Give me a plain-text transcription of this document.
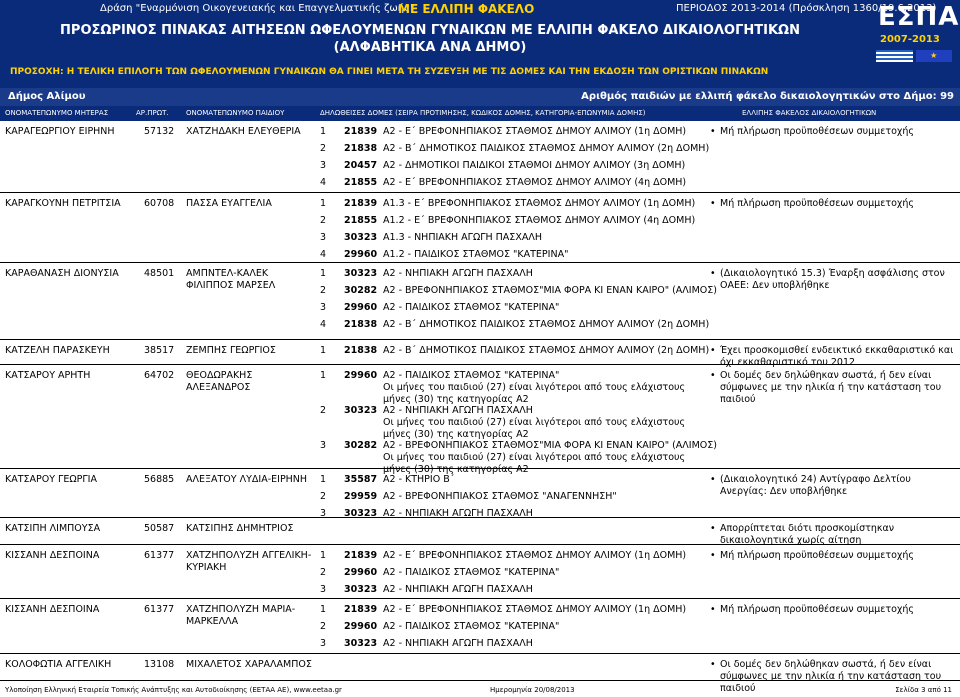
Δράση "Εναρμόνιση Οικογενειακής και Επαγγελματικής ζωής"
ΜΕ ΕΛΛΙΠΗ ΦΑΚΕΛΟ	ΠΕΡΙΟΔΟΣ 2013-2014 (Πρόσκληση 1360/19.6.2013)
ΠΡΟΣΩΡΙΝΟΣ ΠΙΝΑΚΑΣ ΑΙΤΗΣΕΩΝ ΩΦΕΛΟΥΜΕΝΩΝ ΓΥΝΑΙΚΩΝ ΜΕ ΕΛΛΙΠΗ ΦΑΚΕΛΟ ΔΙΚΑΙΟΛΟΓΗΤΙΚΩΝ
(ΑΛΦΑΒΗΤΙΚΑ ΑΝΑ ΔΗΜΟ)
ΠΡΟΣΟΧΗ: Η ΤΕΛΙΚΗ ΕΠΙΛΟΓΗ ΤΩΝ ΩΦΕΛΟΥΜΕΝΩΝ ΓΥΝΑΙΚΩΝ ΘΑ ΓΙΝΕΙ ΜΕΤΑ ΤΗ ΣΥΖΕΥΞΗ ΜΕ ΤΙΣ ΔΟΜΕΣ ΚΑΙ ΤΗΝ ΕΚΔΟΣΗ ΤΩΝ ΟΡΙΣΤΙΚΩΝ ΠΙΝΑΚΩΝ
ΕΣΠΑ
2007-2013
★
Δήμος Αλίμου	Αριθμός παιδιών με ελλιπή φάκελο δικαιολογητικών στο Δήμο: 99
ΟΝΟΜΑΤΕΠΩΝΥΜΟ ΜΗΤΕΡΑΣ	ΑΡ.ΠΡΩΤ. ΟΝΟΜΑΤΕΠΩΝΥΜΟ ΠΑΙΔΙΟΥ	ΔΗΛΩΘΕΙΣΕΣ ΔΟΜΕΣ (ΣΕΙΡΑ ΠΡΟΤΙΜΗΣΗΣ, ΚΩΔΙΚΟΣ ΔΟΜΗΣ, ΚΑΤΗΓΟΡΙΑ-ΕΠΩΝΥΜΙΑ ΔΟΜΗΣ)	ΕΛΛΙΠΗΣ ΦΑΚΕΛΟΣ ΔΙΚΑΙΟΛΟΓΗΤΙΚΩΝ
ΚΑΡΑΓΕΩΡΓΙΟΥ ΕΙΡΗΝΗ	57132 ΧΑΤΖΗΔΑΚΗ ΕΛΕΥΘΕΡΙΑ	1 21839 Α2 - Ε΄ ΒΡΕΦΟΝΗΠΙΑΚΟΣ ΣΤΑΘΜΟΣ ΔΗΜΟΥ ΑΛΙΜΟΥ (1η ΔΟΜΗ)
2 21838 Α2 - Β΄ ΔΗΜΟΤΙΚΟΣ ΠΑΙΔΙΚΟΣ ΣΤΑΘΜΟΣ ΔΗΜΟΥ ΑΛΙΜΟΥ (2η ΔΟΜΗ)
3 20457 Α2 - ΔΗΜΟΤΙΚΟΙ ΠΑΙΔΙΚΟΙ ΣΤΑΘΜΟΙ ΔΗΜΟΥ ΑΛΙΜΟΥ (3η ΔΟΜΗ)
4 21855 Α2 - Ε΄ ΒΡΕΦΟΝΗΠΙΑΚΟΣ ΣΤΑΘΜΟΣ ΔΗΜΟΥ ΑΛΙΜΟΥ (4η ΔΟΜΗ)
• Μή πλήρωση προϋποθέσεων συμμετοχής
ΚΑΡΑΓΚΟΥΝΗ ΠΕΤΡΙΤΣΙΑ 60708 ΠΑΣΣΑ ΕΥΑΓΓΕΛΙΑ	1 21839 Α1.3 - Ε΄ ΒΡΕΦΟΝΗΠΙΑΚΟΣ ΣΤΑΘΜΟΣ ΔΗΜΟΥ ΑΛΙΜΟΥ (1η ΔΟΜΗ)
2 21855 Α1.2 - Ε΄ ΒΡΕΦΟΝΗΠΙΑΚΟΣ ΣΤΑΘΜΟΣ ΔΗΜΟΥ ΑΛΙΜΟΥ (4η ΔΟΜΗ)
3 30323 Α1.3 - ΝΗΠΙΑΚΗ ΑΓΩΓΗ ΠΑΣΧΑΛΗ
4 29960 Α1.2 - ΠΑΙΔΙΚΟΣ ΣΤΑΘΜΟΣ "ΚΑΤΕΡΙΝΑ"
• Μή πλήρωση προϋποθέσεων συμμετοχής
ΚΑΡΑΘΑΝΑΣΗ ΔΙΟΝΥΣΙΑ	48501 ΑΜΠΝΤΕΛ-ΚΑΛΕΚ ΦΙΛΙΠΠΟΣ ΜΑΡΣΕΛ
1 30323 Α2 - ΝΗΠΙΑΚΗ ΑΓΩΓΗ ΠΑΣΧΑΛΗ
2 30282 Α2 - ΒΡΕΦΟΝΗΠΙΑΚΟΣ ΣΤΑΘΜΟΣ"ΜΙΑ ΦΟΡΑ ΚΙ ΕΝΑΝ ΚΑΙΡΟ" (ΑΛΙΜΟΣ)
3 29960 Α2 - ΠΑΙΔΙΚΟΣ ΣΤΑΘΜΟΣ "ΚΑΤΕΡΙΝΑ"
4 21838 Α2 - Β΄ ΔΗΜΟΤΙΚΟΣ ΠΑΙΔΙΚΟΣ ΣΤΑΘΜΟΣ ΔΗΜΟΥ ΑΛΙΜΟΥ (2η ΔΟΜΗ)
• (Δικαιολογητικό 15.3) Έναρξη ασφάλισης στον ΟΑΕΕ: Δεν υποβλήθηκε
ΚΑΤΖΕΛΗ ΠΑΡΑΣΚΕΥΗ	38517 ΖΕΜΠΗΣ ΓΕΩΡΓΙΟΣ	1 21838 Α2 - Β΄ ΔΗΜΟΤΙΚΟΣ ΠΑΙΔΙΚΟΣ ΣΤΑΘΜΟΣ ΔΗΜΟΥ ΑΛΙΜΟΥ (2η ΔΟΜΗ) • Έχει προσκομισθεί ενδεικτικό εκκαθαριστικό και όχι εκκαθαριστικό του 2012
ΚΑΤΣΑΡΟΥ ΑΡΗΤΗ	64702 ΘΕΟΔΩΡΑΚΗΣ ΑΛΕΞΑΝΔΡΟΣ
1 29960 Α2 - ΠΑΙΔΙΚΟΣ ΣΤΑΘΜΟΣ "ΚΑΤΕΡΙΝΑ"
Οι μήνες του παιδιού (27) είναι λιγότεροι από τους ελάχιστους μήνες (30) της κατηγορίας Α2
2 30323 Α2 - ΝΗΠΙΑΚΗ ΑΓΩΓΗ ΠΑΣΧΑΛΗ
Οι μήνες του παιδιού (27) είναι λιγότεροι από τους ελάχιστους μήνες (30) της κατηγορίας Α2
3 30282 Α2 - ΒΡΕΦΟΝΗΠΙΑΚΟΣ ΣΤΑΘΜΟΣ"ΜΙΑ ΦΟΡΑ ΚΙ ΕΝΑΝ ΚΑΙΡΟ" (ΑΛΙΜΟΣ)
Οι μήνες του παιδιού (27) είναι λιγότεροι από τους ελάχιστους μήνες (30) της κατηγορίας Α2
• Οι δομές δεν δηλώθηκαν σωστά, ή δεν είναι σύμφωνες με την ηλικία ή την κατάσταση του παιδιού
ΚΑΤΣΑΡΟΥ ΓΕΩΡΓΙΑ	56885 ΑΛΕΞΑΤΟΥ ΛΥΔΙΑ-ΕΙΡΗΝΗ	1 35587 Α2 - ΚΤΗΡΙΟ Β΄
2 29959 Α2 - ΒΡΕΦΟΝΗΠΙΑΚΟΣ ΣΤΑΘΜΟΣ "ΑΝΑΓΕΝΝΗΣΗ"
3 30323 Α2 - ΝΗΠΙΑΚΗ ΑΓΩΓΗ ΠΑΣΧΑΛΗ
• (Δικαιολογητικό 24) Αντίγραφο Δελτίου Ανεργίας: Δεν υποβλήθηκε
ΚΑΤΣΙΠΗ ΛΙΜΠΟΥΣΑ	50587 ΚΑΤΣΙΠΗΣ ΔΗΜΗΤΡΙΟΣ	• Απορρίπτεται διότι προσκομίστηκαν δικαιολογητικά χωρίς αίτηση
ΚΙΣΣΑΝΗ ΔΕΣΠΟΙΝΑ	61377 ΧΑΤΖΗΠΟΛΥΖΗ ΑΓΓΕΛΙΚΗ-ΚΥΡΙΑΚΗ
1 21839 Α2 - Ε΄ ΒΡΕΦΟΝΗΠΙΑΚΟΣ ΣΤΑΘΜΟΣ ΔΗΜΟΥ ΑΛΙΜΟΥ (1η ΔΟΜΗ)
2 29960 Α2 - ΠΑΙΔΙΚΟΣ ΣΤΑΘΜΟΣ "ΚΑΤΕΡΙΝΑ"
3 30323 Α2 - ΝΗΠΙΑΚΗ ΑΓΩΓΗ ΠΑΣΧΑΛΗ
• Μή πλήρωση προϋποθέσεων συμμετοχής
ΚΙΣΣΑΝΗ ΔΕΣΠΟΙΝΑ	61377 ΧΑΤΖΗΠΟΛΥΖΗ ΜΑΡΙΑ-ΜΑΡΚΕΛΛΑ
1 21839 Α2 - Ε΄ ΒΡΕΦΟΝΗΠΙΑΚΟΣ ΣΤΑΘΜΟΣ ΔΗΜΟΥ ΑΛΙΜΟΥ (1η ΔΟΜΗ)
2 29960 Α2 - ΠΑΙΔΙΚΟΣ ΣΤΑΘΜΟΣ "ΚΑΤΕΡΙΝΑ"
3 30323 Α2 - ΝΗΠΙΑΚΗ ΑΓΩΓΗ ΠΑΣΧΑΛΗ
• Μή πλήρωση προϋποθέσεων συμμετοχής
ΚΟΛΟΦΩΤΙΑ ΑΓΓΕΛΙΚΗ	13108 ΜΙΧΑΛΕΤΟΣ ΧΑΡΑΛΑΜΠΟΣ	• Οι δομές δεν δηλώθηκαν σωστά, ή δεν είναι σύμφωνες με την ηλικία ή την κατάσταση του παιδιού
Υλοποίηση Ελληνική Εταιρεία Τοπικής Ανάπτυξης και Αυτοδιοίκησης (ΕΕΤΑΑ ΑΕ), www.eetaa.gr	Ημερομηνία 20/08/2013	Σελίδα 3 από 11
